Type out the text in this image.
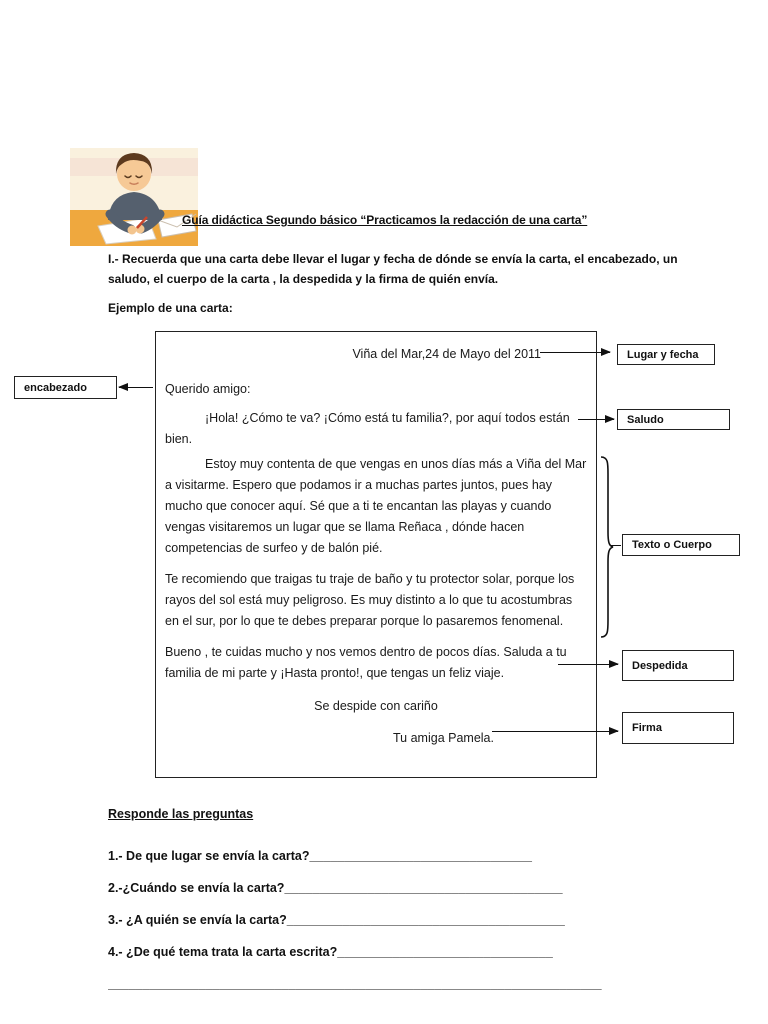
Guía didáctica Segundo básico “Practicamos la redacción de una carta”
I.- Recuerda que una carta debe llevar el lugar y fecha de dónde se envía la carta, el encabezado, un saludo, el cuerpo de la carta , la despedida y la firma de quién envía.
Ejemplo de una carta:
Viña del Mar,24 de Mayo del 2011
Querido amigo:

¡Hola! ¿Cómo te va? ¡Cómo está tu familia?, por aquí todos están bien.

Estoy muy contenta de que vengas en unos días más a Viña del Mar a visitarme. Espero que podamos ir a muchas partes juntos, pues hay mucho que conocer aquí. Sé que a ti te encantan las playas y cuando vengas visitaremos un lugar que se llama Reñaca , dónde hacen competencias de surfeo y de balón pié.

Te recomiendo que traigas tu traje de baño y tu protector solar, porque los rayos del sol está muy peligroso. Es muy distinto a lo que tu acostumbras en el sur, por lo que te debes preparar porque lo pasaremos fenomenal.

Bueno , te cuidas mucho y nos vemos dentro de pocos días. Saluda a tu familia de mi parte y ¡Hasta pronto!, que tengas un feliz viaje.

Se despide con cariño
Tu amiga Pamela.
Lugar y fecha
encabezado
Saludo
Texto o Cuerpo
Despedida
Firma
Responde las preguntas
1.- De que lugar se envía la carta?________________________________
2.-¿Cuándo se envía la carta?________________________________________
3.- ¿A quién se envía la carta?________________________________________
4.- ¿De qué tema trata la carta escrita?_______________________________
_______________________________________________________________________
